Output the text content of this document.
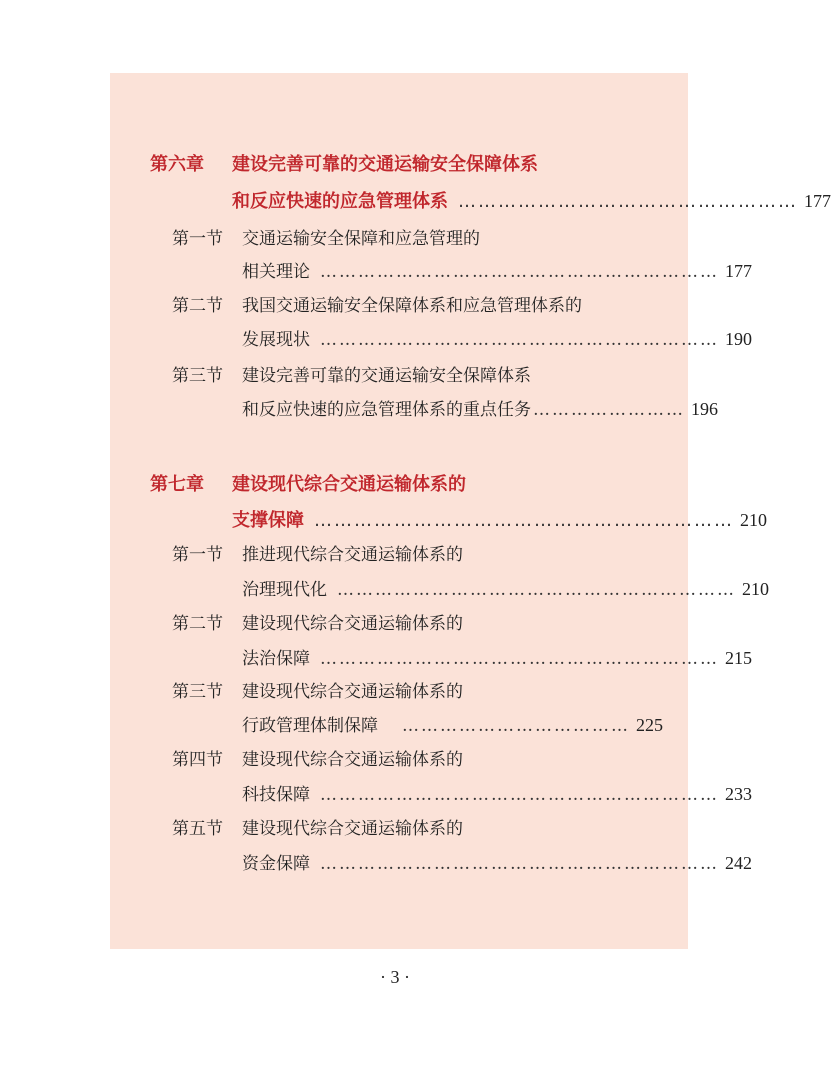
第六章	建设完善可靠的交通运输安全保障体系
和反应快速的应急管理体系 …………………………………………… 177
第一节	交通运输安全保障和应急管理的
相关理论 ……………………………………………………… 177
第二节	我国交通运输安全保障体系和应急管理体系的
发展现状 ……………………………………………………… 190
第三节	建设完善可靠的交通运输安全保障体系
和反应快速的应急管理体系的重点任务 …………………… 196
第七章	建设现代综合交通运输体系的
支撑保障 ……………………………………………………… 210
第一节	推进现代综合交通运输体系的
治理现代化 ……………………………………………………… 210
第二节	建设现代综合交通运输体系的
法治保障 ……………………………………………………… 215
第三节	建设现代综合交通运输体系的
行政管理体制保障 ……………………………… 225
第四节	建设现代综合交通运输体系的
科技保障 ……………………………………………………… 233
第五节	建设现代综合交通运输体系的
资金保障 ……………………………………………………… 242
· 3 ·
